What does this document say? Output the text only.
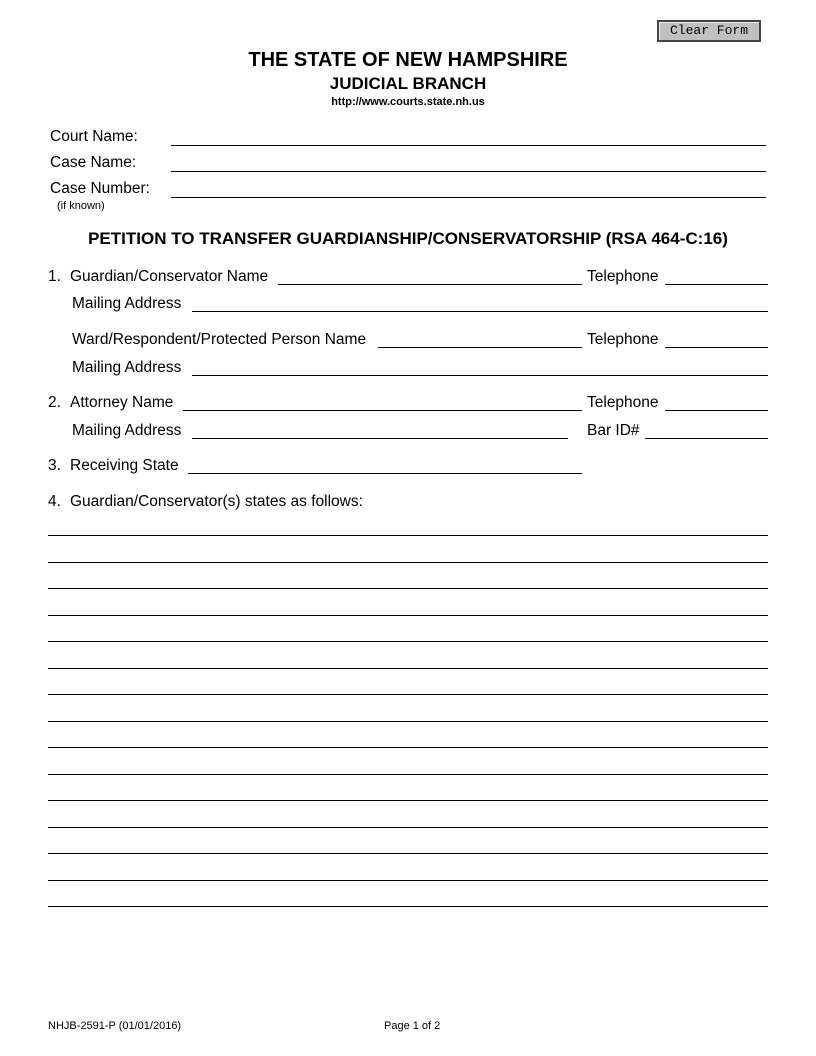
Clear Form
THE STATE OF NEW HAMPSHIRE
JUDICIAL BRANCH
http://www.courts.state.nh.us
Court Name:
Case Name:
Case Number:
(if known)
PETITION TO TRANSFER GUARDIANSHIP/CONSERVATORSHIP (RSA 464-C:16)
1. Guardian/Conservator Name	Telephone
Mailing Address
Ward/Respondent/Protected Person Name	Telephone
Mailing Address
2. Attorney Name	Telephone
Mailing Address	Bar ID#
3. Receiving State
4. Guardian/Conservator(s) states as follows:
NHJB-2591-P (01/01/2016)	Page 1 of 2
